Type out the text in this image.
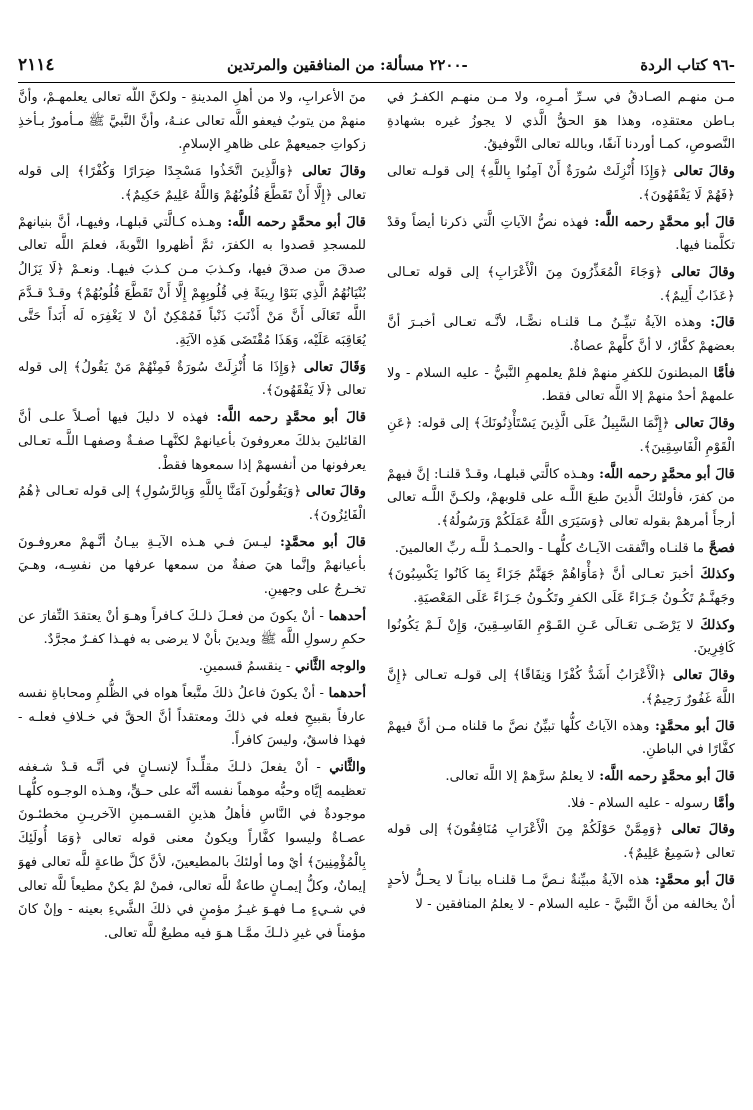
-٩٦ كتاب الردة
-٢٢٠٠ مسألة: من المنافقين والمرتدين
٢١١٤

مـن منهـم الصـادقُ في سـرِّ أمـرِه، ولا مـن منهـم الكفـرُ في بـاطن معتقدِه، وهذا هوَ الحقُّ الَّذي لا يجوزُ غيره بشهادةِ النَّصوصِ، كمـا أوردنا آنفًا، وبالله تعالى التَّوفيقُ.

وقالَ تعالى ﴿وَإِذَا أُنْزِلَتْ سُورَةٌ أَنْ آمِنُوا بِاللَّهِ﴾ إلى قولـه تعالى ﴿فَهُمْ لَا يَفْقَهُونَ﴾.

قالَ أبو محمَّدٍ رحمه اللَّه: فهذه نصُّ الآياتِ الَّتي ذكرنا أيضاً وقدْ تكلَّمنا فيها.

وقالَ تعالى ﴿وَجَاءَ الْمُعَذِّرُونَ مِنَ الْأَعْرَابِ﴾ إلى قوله تعـالى ﴿عَذَابٌ أَلِيمٌ﴾.

قالَ: وهذه الآيةُ تبيِّـنُ مـا قلنـاه نصًّـا، لأنَّـه تعـالى أخبـرَ أنَّ بعضهمْ كفَّارٌ، لا أنَّ كلَّهمْ عصاةٌ.

فأمَّا المبطنونَ للكفرِ منهمْ فلمْ يعلمهمِ النَّبيُّ - عليه السلام - ولا علمهمْ أحدٌ منهمْ إلا اللَّه تعالى فقط.

وقالَ تعالى ﴿إِنَّمَا السَّبِيلُ عَلَى الَّذِينَ يَسْتَأْذِنُونَكَ﴾ إلى قوله: ﴿عَنِ الْقَوْمِ الْفَاسِقِينَ﴾.

قالَ أبو محمَّدٍ رحمه اللَّه: وهـذه كالَّتي قبلهـا، وقـدْ قلنـا: إنَّ فيهمْ من كفرَ، فأولئكَ الَّذينَ طبعَ اللَّـه على قلوبهمْ، ولكـنَّ اللَّـه تعالى أرجأَ أمرهمْ بقوله تعالى ﴿وَسَيَرَى اللَّهُ عَمَلَكُمْ وَرَسُولُهُ﴾.

فصحَّ ما قلنـاه واتَّفقت الآيـاتُ كلُّهـا - والحمـدُ للَّـه ربِّ العالمينَ.

وكذلكَ أخبرَ تعـالى أنَّ ﴿مَأْوَاهُمْ جَهَنَّمُ جَزَاءً بِمَا كَانُوا يَكْسِبُونَ﴾ وجَهنَّـمُ تَكُـونُ جَـزَاءً عَلَى الكفرِ وتَكُـونُ جَـزَاءً عَلَى المَعْصيَةِ.

وكذلكَ لا يَرْضَـى تعَـالَى عَـنِ القَـوْمِ الفَاسِـقِينَ، وَإِنْ لَـمْ يَكُونُوا كَافِرِينَ.

وقالَ تعالى ﴿الْأَعْرَابُ أَشَدُّ كُفْرًا وَنِفَاقًا﴾ إلى قولـه تعـالى ﴿إِنَّ اللَّهَ غَفُورٌ رَحِيمٌ﴾.

قالَ أبو محمَّدٍ: وهذه الآياتُ كلُّها تبيِّنُ نصَّ ما قلناه مـن أنَّ فيهمْ كفَّارًا في الباطنِ.

قالَ أبو محمَّدٍ رحمه اللَّه: لا يعلمُ سرَّهمْ إلا اللَّه تعالى.

وأمَّا رسوله - عليه السلام - فلا.

وقالَ تعالى ﴿وَمِمَّنْ حَوْلَكُمْ مِنَ الْأَعْرَابِ مُنَافِقُونَ﴾ إلى قوله تعالى ﴿سَمِيعٌ عَلِيمٌ﴾.

قالَ أبو محمَّدٍ: هذه الآيةُ مبيِّنةٌ نـصَّ مـا قلنـاه بيانـاً لا يحـلُّ لأحدٍ أنْ يخالفه من أنَّ النَّبيَّ - عليه السلام - لا يعلمُ المنافقين - لا

منَ الأعرابِ، ولا من أهلِ المدينةِ - ولكنَّ اللَّه تعالى يعلمهـمْ، وأنَّ منهمْ من يتوبُ فيعفو اللَّه تعالى عنـهُ، وأنَّ النَّبيَّ ﷺ مـأمورٌ بـأخذِ زكواتِ جميعهمْ على ظاهرِ الإسلامِ.

وقالَ تعالى ﴿وَالَّذِينَ اتَّخَذُوا مَسْجِدًا ضِرَارًا وَكُفْرًا﴾ إلى قوله تعالى ﴿إِلَّا أَنْ تَقَطَّعَ قُلُوبُهُمْ وَاللَّهُ عَلِيمٌ حَكِيمٌ﴾.

قالَ أبو محمَّدٍ رحمه اللَّه: وهـذه كـالَّتي قبلهـا، وفيهـا، أنَّ بنيانهمْ للمسجدِ قصدوا به الكفرَ، ثمَّ أظهروا التَّوبةَ، فعلمَ اللَّه تعالى صدقَ من صدقَ فيها، وكـذبَ مـن كـذبَ فيهـا. ونعـمْ ﴿لَا يَزَالُ بُنْيَانُهُمُ الَّذِي بَنَوْا رِيبَةً فِي قُلُوبِهِمْ إِلَّا أَنْ تَقَطَّعَ قُلُوبُهُمْ﴾ وقـدْ قـدَّمَ اللَّه تَعَالَى أَنَّ مَنْ أَذْنَبَ ذَنْباً فَمُمْكِنٌ أنْ لا يَغْفِرَه لَه أَبَداً حَتَّى يُعَاقِبَه عَلَيْه، وَهَذَا مُقْتَضَى هَذِه الآيَةِ.

وَقَالَ تعالى ﴿وَإِذَا مَا أُنْزِلَتْ سُورَةٌ فَمِنْهُمْ مَنْ يَقُولُ﴾ إلى قوله تعالى ﴿لَا يَفْقَهُونَ﴾.

قالَ أبو محمَّدٍ رحمه اللَّه: فهذه لا دليلَ فيها أصـلاً علـى أنَّ القائلينَ بذلكَ معروفونَ بأعيانهمْ لكنَّهـا صفـةٌ وصفهـا اللَّـه تعـالى يعرفونها من أنفسهمْ إذا سمعوها فقطْ.

وقالَ تعالى ﴿وَيَقُولُونَ آمَنَّا بِاللَّهِ وَبِالرَّسُولِ﴾ إلى قوله تعـالى ﴿هُمُ الْفَائِزُونَ﴾.

قالَ أبو محمَّدٍ: ليـسَ فـي هـذه الآيـةِ بيـانُ أنَّـهمْ معروفـونَ بأعيانهمْ وإنَّما هيَ صفةٌ من سمعها عرفها من نفسِـه، وهـيَ تخـرجُ على وجهينِ.

أحدهما - أنْ يكونَ من فعـلَ ذلـكَ كـافراً وهـوَ أنْ يعتقدَ النِّفارَ عن حكمِ رسولِ اللَّه ﷺ ويدينَ بأنْ لا يرضى به فهـذا كفـرٌ مجرَّدٌ.

والوجه الثَّاني - ينقسمُ قسمينِ.

أحدهما - أنْ يكونَ فاعلُ ذلكَ متَّبعاً هواه في الظُّلمِ ومحاباةِ نفسه عارفاً بقبيحِ فعله في ذلكَ ومعتقداً أنَّ الحقَّ في خـلافِ فعلـه - فهذا فاسقٌ، وليسَ كافراً.

والثَّاني - أنْ يفعلَ ذلـكَ مقلِّـداً لإنسـانٍ في أنَّـه قـدْ شـغفه تعظيمه إيَّاه وحبُّه موهماً نفسه أنَّه على حـقٍّ، وهـذه الوجـوه كلُّهـا موجودةٌ في النَّاسِ فأهلُ هذينِ القسـمينِ الآخريـنِ مخطئـونَ عصـاةٌ وليسوا كفَّاراً ويكونُ معنى قوله تعالى ﴿وَمَا أُولَئِكَ بِالْمُؤْمِنِينَ﴾ أيْ وما أولئكَ بالمطيعينَ، لأنَّ كلَّ طاعةٍ للَّه تعالى فهوَ إيمانٌ، وكلُّ إيمـانٍ طاعةٌ للَّه تعالى، فمنْ لمْ يكنْ مطيعاً للَّه تعالى في شـيءٍ مـا فهـوَ غيـرُ مؤمنٍ في ذلكَ الشَّيءِ بعينه - وإنْ كانَ مؤمناً في غيرِ ذلـكَ ممَّـا هـوَ فيه مطيعٌ للَّه تعالى.
